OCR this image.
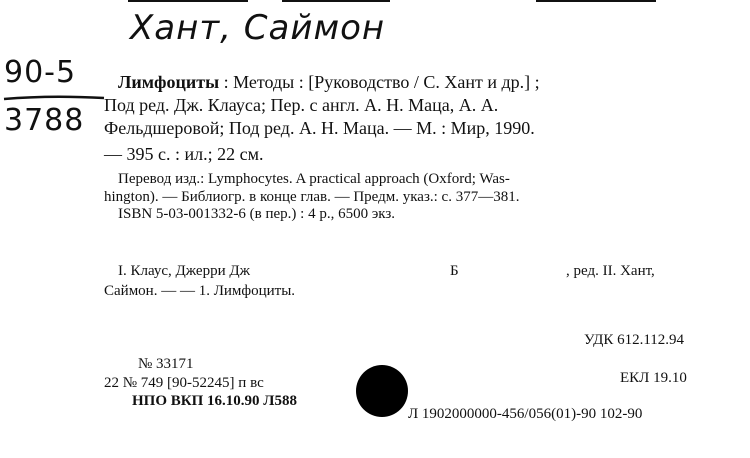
Хант, Саймон
90-5
3788
Лимфоциты : Методы : [Руководство / С. Хант и др.] ;
Под ред. Дж. Клауса; Пер. с англ. А. Н. Маца, А. А.
Фельдшеровой; Под ред. А. Н. Маца. — М. : Мир, 1990.
— 395 с. : ил.; 22 см.
Перевод изд.: Lymphocytes. A practical approach (Oxford; Was-
hington). — Библиогр. в конце глав. — Предм. указ.: с. 377—381.
ISBN 5-03-001332-6 (в пер.) : 4 р., 6500 экз.
I. Клаус, Джерри Дж	Б	, ред. II. Хант,
Саймон. — — 1. Лимфоциты.
УДК 612.112.94
№ 33171
22 № 749 [90-52245] п вс	ЕКЛ 19.10
НПО ВКП 16.10.90 Л588
Л 1902000000-456/056(01)-90 102-90
